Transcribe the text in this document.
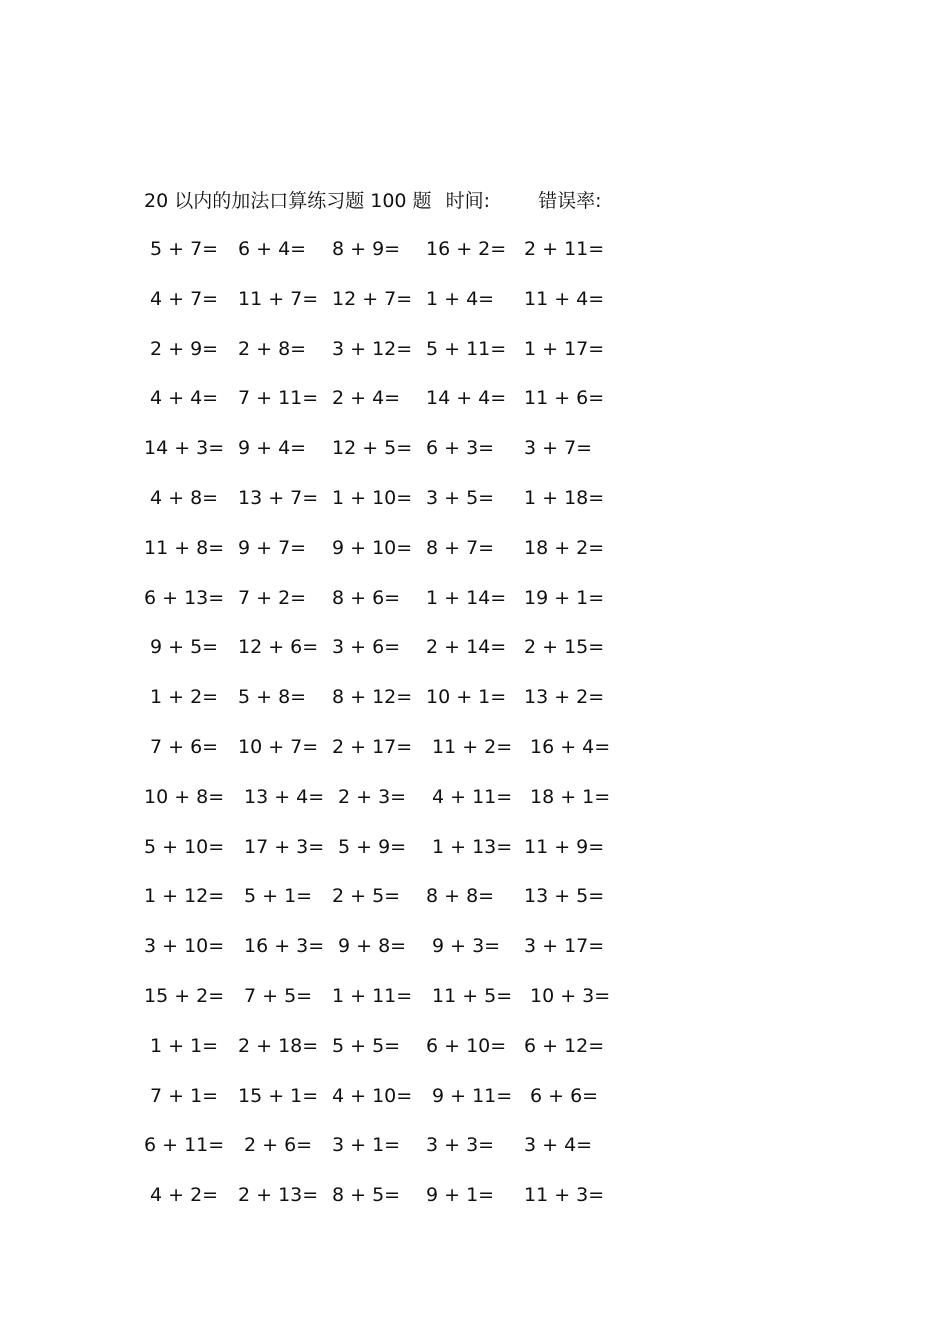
20 以内的加法口算练习题 100 题 时间:	错误率:
5 + 7= 6 + 4= 8 + 9= 16 + 2= 2 + 11=
4 + 7= 11 + 7= 12 + 7= 1 + 4= 11 + 4=
2 + 9= 2 + 8= 3 + 12= 5 + 11= 1 + 17=
4 + 4= 7 + 11= 2 + 4= 14 + 4= 11 + 6=
14 + 3= 9 + 4= 12 + 5= 6 + 3= 3 + 7=
4 + 8= 13 + 7= 1 + 10= 3 + 5= 1 + 18=
11 + 8= 9 + 7= 9 + 10= 8 + 7= 18 + 2=
6 + 13= 7 + 2= 8 + 6= 1 + 14= 19 + 1=
9 + 5= 12 + 6= 3 + 6= 2 + 14= 2 + 15=
1 + 2= 5 + 8= 8 + 12= 10 + 1= 13 + 2=
7 + 6= 10 + 7= 2 + 17= 11 + 2= 16 + 4=
10 + 8= 13 + 4= 2 + 3= 4 + 11= 18 + 1=
5 + 10= 17 + 3= 5 + 9= 1 + 13= 11 + 9=
1 + 12= 5 + 1= 2 + 5= 8 + 8= 13 + 5=
3 + 10= 16 + 3= 9 + 8= 9 + 3= 3 + 17=
15 + 2= 7 + 5= 1 + 11= 11 + 5= 10 + 3=
1 + 1= 2 + 18= 5 + 5= 6 + 10= 6 + 12=
7 + 1= 15 + 1= 4 + 10= 9 + 11= 6 + 6=
6 + 11= 2 + 6= 3 + 1= 3 + 3= 3 + 4=
4 + 2= 2 + 13= 8 + 5= 9 + 1= 11 + 3=
